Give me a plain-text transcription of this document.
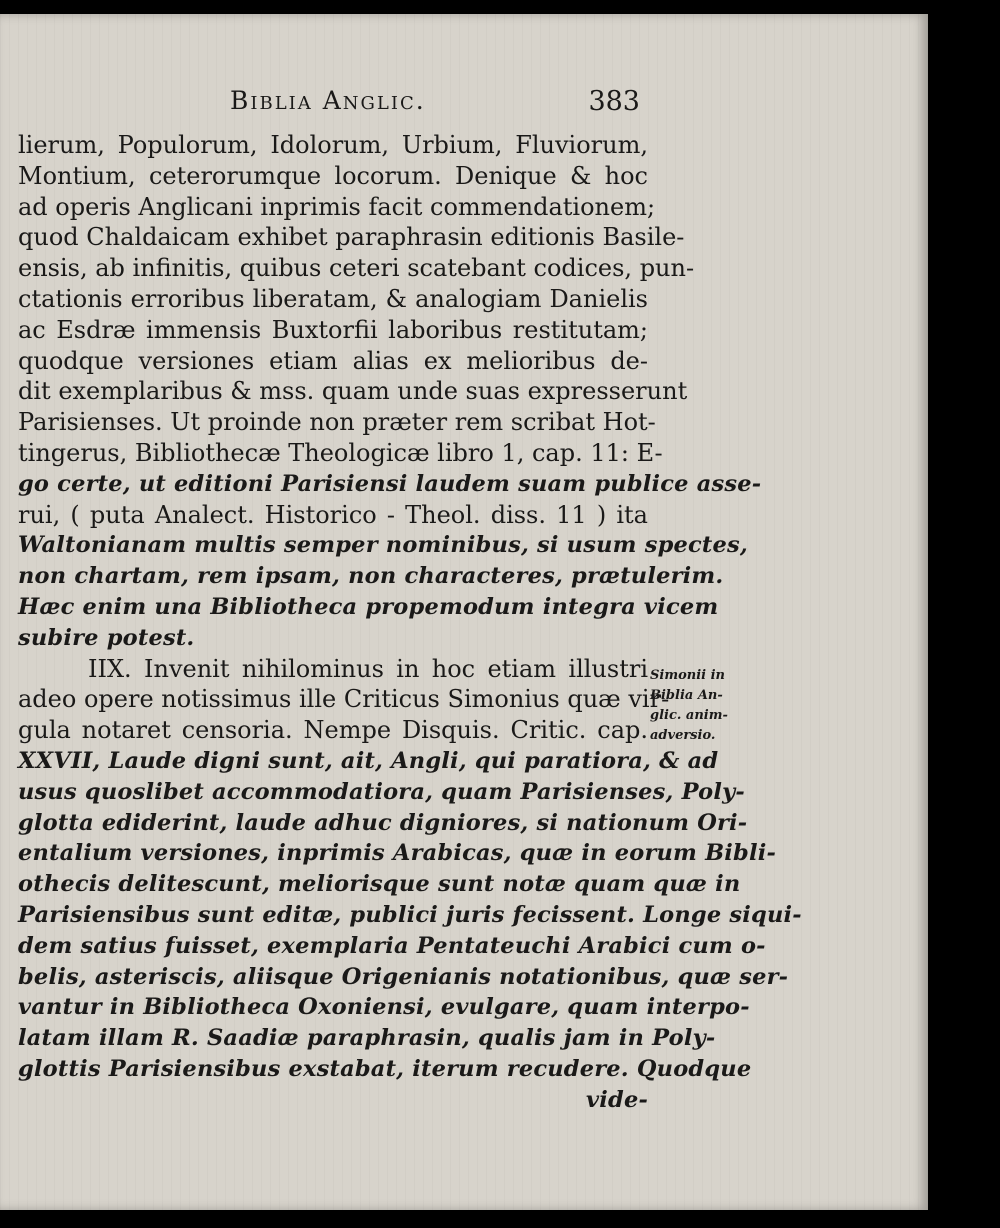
Biblia Anglic.	383
lierum, Populorum, Idolorum, Urbium, Fluviorum,
Montium, ceterorumque locorum. Denique & hoc
ad operis Anglicani inprimis facit commendationem;
quod Chaldaicam exhibet paraphrasin editionis Basile-
ensis, ab infinitis, quibus ceteri scatebant codices, pun-
ctationis erroribus liberatam, & analogiam Danielis
ac Esdræ immensis Buxtorfii laboribus restitutam;
quodque versiones etiam alias ex melioribus de-
dit exemplaribus & mss. quam unde suas expresserunt
Parisienses. Ut proinde non præter rem scribat Hot-
tingerus, Bibliothecæ Theologicæ libro 1, cap. 11: E-
go certe, ut editioni Parisiensi laudem suam publice asse-
rui, ( puta Analect. Historico - Theol. diss. 11 ) ita
Waltonianam multis semper nominibus, si usum spectes,
non chartam, rem ipsam, non characteres, prætulerim.
Hæc enim una Bibliotheca propemodum integra vicem
subire potest.
IIX. Invenit nihilominus in hoc etiam illustri
adeo opere notissimus ille Criticus Simonius quæ vir-
gula notaret censoria. Nempe Disquis. Critic. cap.
XXVII, Laude digni sunt, ait, Angli, qui paratiora, & ad
usus quoslibet accommodatiora, quam Parisienses, Poly-
glotta ediderint, laude adhuc digniores, si nationum Ori-
entalium versiones, inprimis Arabicas, quæ in eorum Bibli-
othecis delitescunt, meliorisque sunt notæ quam quæ in
Parisiensibus sunt editæ, publici juris fecissent. Longe siqui-
dem satius fuisset, exemplaria Pentateuchi Arabici cum o-
belis, asteriscis, aliisque Origenianis notationibus, quæ ser-
vantur in Bibliotheca Oxoniensi, evulgare, quam interpo-
latam illam R. Saadiæ paraphrasin, qualis jam in Poly-
glottis Parisiensibus exstabat, iterum recudere. Quodque
vide-
Simonii in
Biblia An-
glic. anim-
adversio.
